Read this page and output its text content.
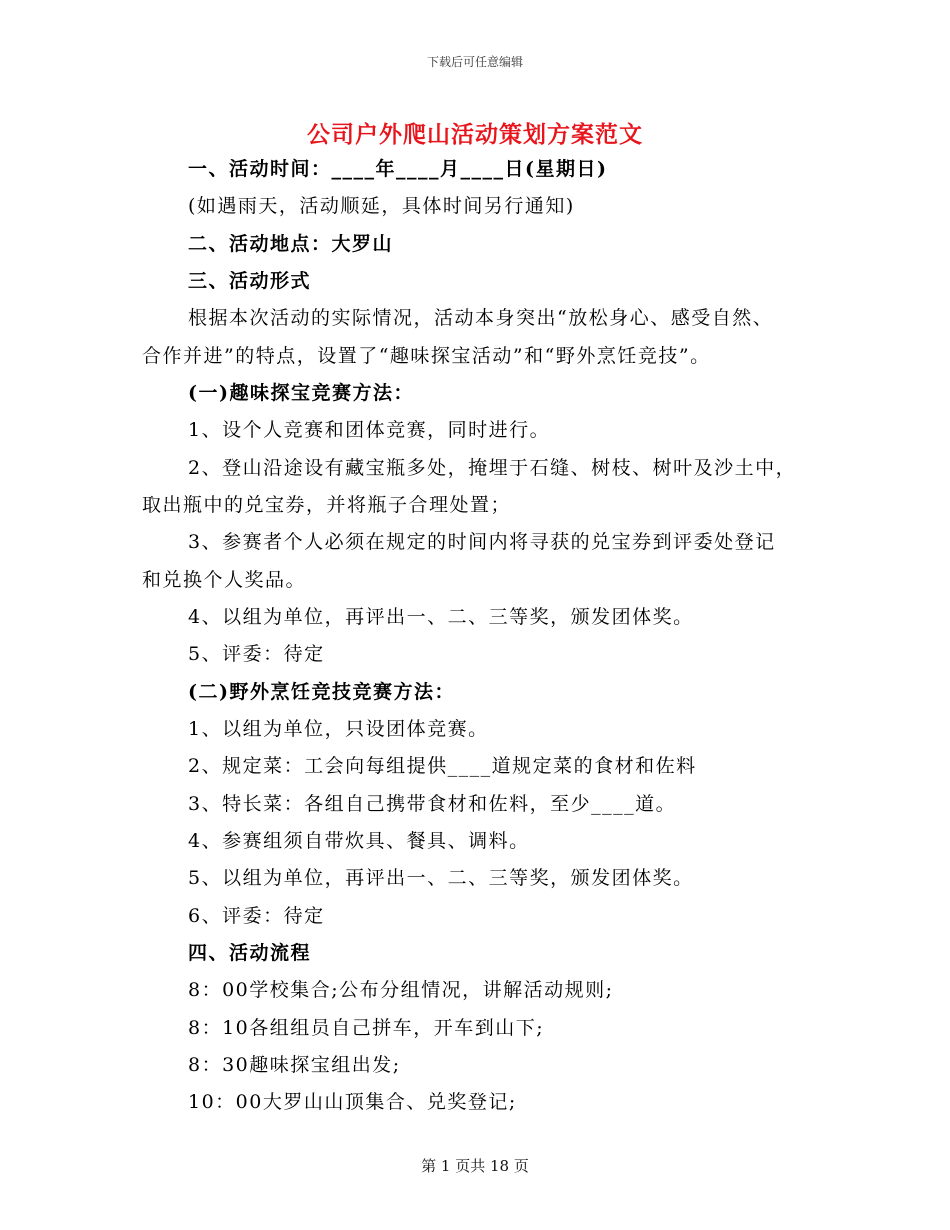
下载后可任意编辑
公司户外爬山活动策划方案范文
一、活动时间：____年____月____日(星期日)
(如遇雨天，活动顺延，具体时间另行通知)
二、活动地点：大罗山
三、活动形式
根据本次活动的实际情况，活动本身突出“放松身心、感受自然、
合作并进”的特点，设置了“趣味探宝活动”和“野外烹饪竞技”。
(一)趣味探宝竞赛方法：
1、设个人竞赛和团体竞赛，同时进行。
2、登山沿途设有藏宝瓶多处，掩埋于石缝、树枝、树叶及沙土中，
取出瓶中的兑宝券，并将瓶子合理处置；
3、参赛者个人必须在规定的时间内将寻获的兑宝券到评委处登记
和兑换个人奖品。
4、以组为单位，再评出一、二、三等奖，颁发团体奖。
5、评委：待定
(二)野外烹饪竞技竞赛方法：
1、以组为单位，只设团体竞赛。
2、规定菜：工会向每组提供____道规定菜的食材和佐料
3、特长菜：各组自己携带食材和佐料，至少____道。
4、参赛组须自带炊具、餐具、调料。
5、以组为单位，再评出一、二、三等奖，颁发团体奖。
6、评委：待定
四、活动流程
8：00学校集合;公布分组情况，讲解活动规则;
8：10各组组员自己拼车，开车到山下;
8：30趣味探宝组出发;
10：00大罗山山顶集合、兑奖登记;
第 1 页共 18 页
